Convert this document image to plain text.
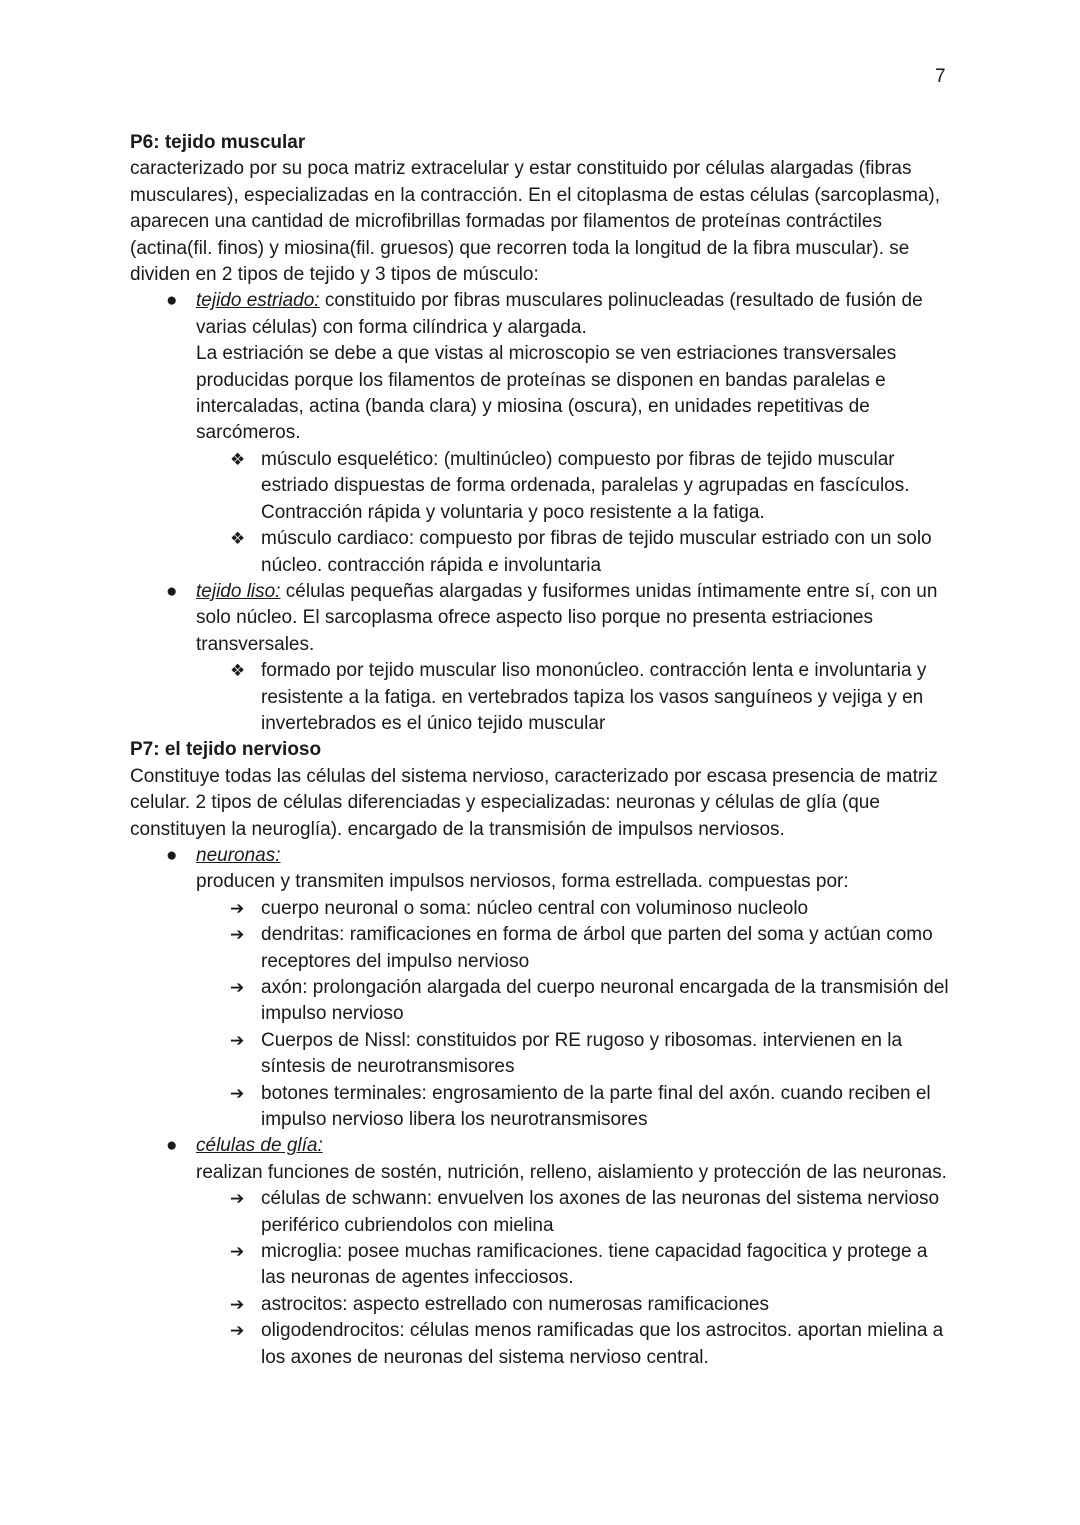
7

P6: tejido muscular

caracterizado por su poca matriz extracelular y estar constituido por células alargadas (fibras musculares), especializadas en la contracción. En el citoplasma de estas células (sarcoplasma), aparecen una cantidad de microfibrillas formadas por filamentos de proteínas contráctiles (actina(fil. finos) y miosina(fil. gruesos) que recorren toda la longitud de la fibra muscular). se dividen en 2 tipos de tejido y 3 tipos de músculo:

● tejido estriado: constituido por fibras musculares polinucleadas (resultado de fusión de varias células) con forma cilíndrica y alargada.

La estriación se debe a que vistas al microscopio se ven estriaciones transversales producidas porque los filamentos de proteínas se disponen en bandas paralelas e intercaladas, actina (banda clara) y miosina (oscura), en unidades repetitivas de sarcómeros.

❖ músculo esquelético: (multinúcleo) compuesto por fibras de tejido muscular estriado dispuestas de forma ordenada, paralelas y agrupadas en fascículos. Contracción rápida y voluntaria y poco resistente a la fatiga.
❖ músculo cardiaco: compuesto por fibras de tejido muscular estriado con un solo núcleo. contracción rápida e involuntaria
● tejido liso: células pequeñas alargadas y fusiformes unidas íntimamente entre sí, con un solo núcleo. El sarcoplasma ofrece aspecto liso porque no presenta estriaciones transversales.
❖ formado por tejido muscular liso mononúcleo. contracción lenta e involuntaria y resistente a la fatiga. en vertebrados tapiza los vasos sanguíneos y vejiga y en invertebrados es el único tejido muscular

P7: el tejido nervioso

Constituye todas las células del sistema nervioso, caracterizado por escasa presencia de matriz celular. 2 tipos de células diferenciadas y especializadas: neuronas y células de glía (que constituyen la neuroglía). encargado de la transmisión de impulsos nerviosos.

● neuronas:

producen y transmiten impulsos nerviosos, forma estrellada. compuestas por:

➔ cuerpo neuronal o soma: núcleo central con voluminoso nucleolo
➔ dendritas: ramificaciones en forma de árbol que parten del soma y actúan como receptores del impulso nervioso
➔ axón: prolongación alargada del cuerpo neuronal encargada de la transmisión del impulso nervioso
➔ Cuerpos de Nissl: constituidos por RE rugoso y ribosomas. intervienen en la síntesis de neurotransmisores
➔ botones terminales: engrosamiento de la parte final del axón. cuando reciben el impulso nervioso libera los neurotransmisores
● células de glía:

realizan funciones de sostén, nutrición, relleno, aislamiento y protección de las neuronas.

➔ células de schwann: envuelven los axones de las neuronas del sistema nervioso periférico cubriendolos con mielina
➔ microglia: posee muchas ramificaciones. tiene capacidad fagocitica y protege a las neuronas de agentes infecciosos.
➔ astrocitos: aspecto estrellado con numerosas ramificaciones
➔ oligodendrocitos: células menos ramificadas que los astrocitos. aportan mielina a los axones de neuronas del sistema nervioso central.
